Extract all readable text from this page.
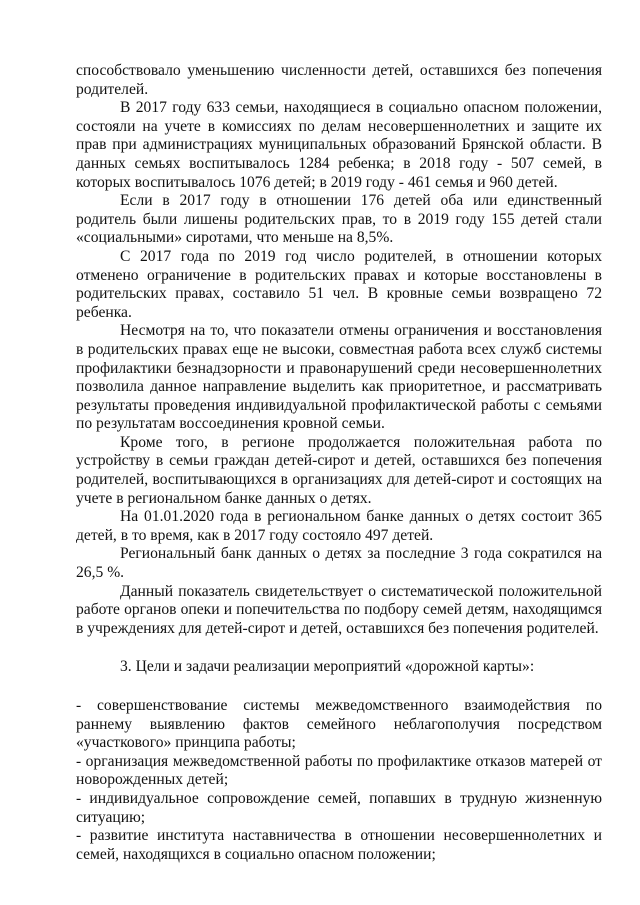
способствовало уменьшению численности детей, оставшихся без попечения родителей.

В 2017 году 633 семьи, находящиеся в социально опасном положении, состояли на учете в комиссиях по делам несовершеннолетних и защите их прав при администрациях муниципальных образований Брянской области. В данных семьях воспитывалось 1284 ребенка; в 2018 году - 507 семей, в которых воспитывалось 1076 детей; в 2019 году - 461 семья и 960 детей.

Если в 2017 году в отношении 176 детей оба или единственный родитель были лишены родительских прав, то в 2019 году 155 детей стали «социальными» сиротами, что меньше на 8,5%.

С 2017 года по 2019 год число родителей, в отношении которых отменено ограничение в родительских правах и которые восстановлены в родительских правах, составило 51 чел. В кровные семьи возвращено 72 ребенка.

Несмотря на то, что показатели отмены ограничения и восстановления в родительских правах еще не высоки, совместная работа всех служб системы профилактики безнадзорности и правонарушений среди несовершеннолетних позволила данное направление выделить как приоритетное, и рассматривать результаты проведения индивидуальной профилактической работы с семьями по результатам воссоединения кровной семьи.

Кроме того, в регионе продолжается положительная работа по устройству в семьи граждан детей-сирот и детей, оставшихся без попечения родителей, воспитывающихся в организациях для детей-сирот и состоящих на учете в региональном банке данных о детях.

На 01.01.2020 года в региональном банке данных о детях состоит 365 детей, в то время, как в 2017 году состояло 497 детей.

Региональный банк данных о детях за последние 3 года сократился на 26,5 %.

Данный показатель свидетельствует о систематической положительной работе органов опеки и попечительства по подбору семей детям, находящимся в учреждениях для детей-сирот и детей, оставшихся без попечения родителей.

3. Цели и задачи реализации мероприятий «дорожной карты»:

- совершенствование системы межведомственного взаимодействия по раннему выявлению фактов семейного неблагополучия посредством «участкового» принципа работы;

- организация межведомственной работы по профилактике отказов матерей от новорожденных детей;

- индивидуальное сопровождение семей, попавших в трудную жизненную ситуацию;

- развитие института наставничества в отношении несовершеннолетних и семей, находящихся в социально опасном положении;
